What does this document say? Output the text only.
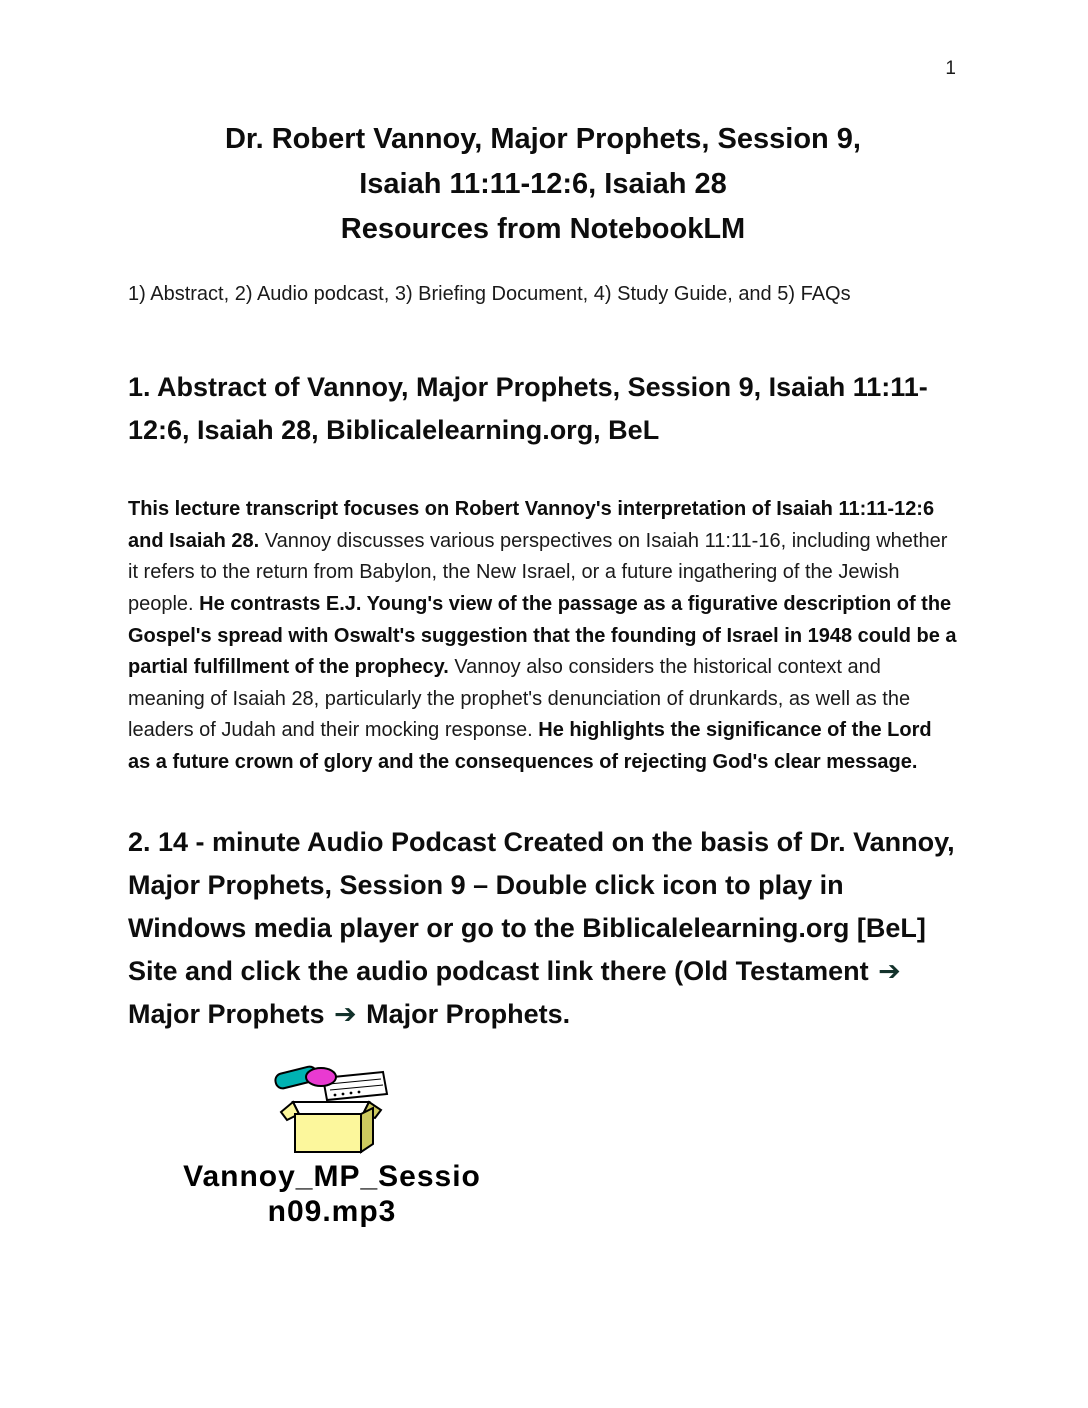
1
Dr. Robert Vannoy, Major Prophets, Session 9,
Isaiah 11:11-12:6, Isaiah 28
Resources from NotebookLM
1) Abstract, 2) Audio podcast, 3) Briefing Document, 4) Study Guide, and 5) FAQs
1. Abstract of Vannoy, Major Prophets, Session 9, Isaiah 11:11-12:6, Isaiah 28, Biblicalelearning.org, BeL

This lecture transcript focuses on Robert Vannoy's interpretation of Isaiah 11:11-12:6 and Isaiah 28. Vannoy discusses various perspectives on Isaiah 11:11-16, including whether it refers to the return from Babylon, the New Israel, or a future ingathering of the Jewish people. He contrasts E.J. Young's view of the passage as a figurative description of the Gospel's spread with Oswalt's suggestion that the founding of Israel in 1948 could be a partial fulfillment of the prophecy. Vannoy also considers the historical context and meaning of Isaiah 28, particularly the prophet's denunciation of drunkards, as well as the leaders of Judah and their mocking response. He highlights the significance of the Lord as a future crown of glory and the consequences of rejecting God's clear message.

2. 14 - minute Audio Podcast Created on the basis of Dr. Vannoy, Major Prophets, Session 9 – Double click icon to play in Windows media player or go to the Biblicalelearning.org [BeL] Site and click the audio podcast link there (Old Testament ➔ Major Prophets ➔ Major Prophets.
Vannoy_MP_Sessio
n09.mp3
